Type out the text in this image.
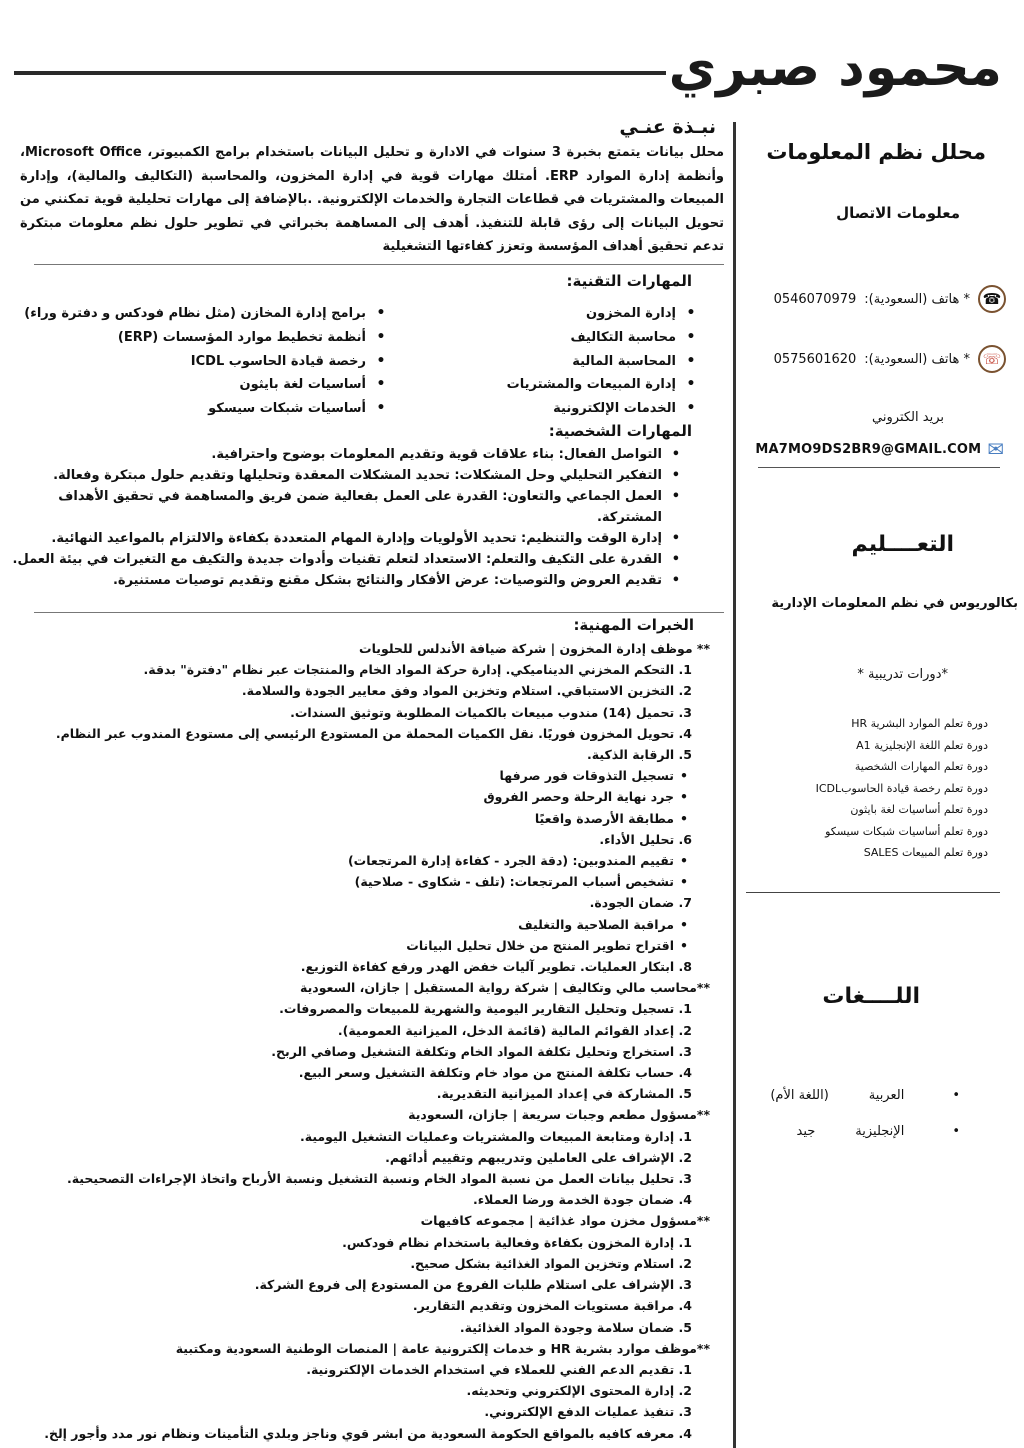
محمود صبري
محلل نظم المعلومات
معلومات الاتصال
☎
* هاتف (السعودية):
0546070979
☏
* هاتف (السعودية):
0575601620
بريد الكتروني
✉
MA7MO9DS2BR9@GMAIL.COM
التعــــليم
بكالوريوس في نظم المعلومات الإدارية
*دورات تدريبية *
دورة تعلم الموارد البشرية HR
دورة تعلم اللغة الإنجليزية A1
دورة تعلم المهارات الشخصية
دورة تعلم رخصة قيادة الحاسوبICDL
دورة تعلم أساسيات لغة بايثون
دورة تعلم أساسيات شبكات سيسكو
دورة تعلم المبيعات SALES
اللــــغات
• العربية
(اللغة الأم)
• الإنجليزية
جيد
نبـذة عنـي
محلل بيانات يتمتع بخبرة 3 سنوات في الادارة و تحليل البيانات باستخدام برامج الكمبيوتر، Microsoft Office، وأنظمة إدارة الموارد ERP. أمتلك مهارات قوية في إدارة المخزون، والمحاسبة (التكاليف والمالية)، وإدارة المبيعات والمشتريات في قطاعات التجارة والخدمات الإلكترونية. .بالإضافة إلى مهارات تحليلية قوية تمكنني من تحويل البيانات إلى رؤى قابلة للتنفيذ. أهدف إلى المساهمة بخبراتي في تطوير حلول نظم معلومات مبتكرة تدعم تحقيق أهداف المؤسسة وتعزز كفاءتها التشغيلية
المهارات التقنية:
• إدارة المخزون
• محاسبة التكاليف
• المحاسبة المالية
• إدارة المبيعات والمشتريات
• الخدمات الإلكترونية
• برامج إدارة المخازن (مثل نظام فودكس و دفترة وراء)
• أنظمة تخطيط موارد المؤسسات (ERP)
• رخصة قيادة الحاسوب ICDL
• أساسيات لغة بايثون
• أساسيات شبكات سيسكو
المهارات الشخصية:
• التواصل الفعال: بناء علاقات قوية وتقديم المعلومات بوضوح واحترافية.
• التفكير التحليلي وحل المشكلات: تحديد المشكلات المعقدة وتحليلها وتقديم حلول مبتكرة وفعالة.
• العمل الجماعي والتعاون: القدرة على العمل بفعالية ضمن فريق والمساهمة في تحقيق الأهداف المشتركة.
• إدارة الوقت والتنظيم: تحديد الأولويات وإدارة المهام المتعددة بكفاءة والالتزام بالمواعيد النهائية.
• القدرة على التكيف والتعلم: الاستعداد لتعلم تقنيات وأدوات جديدة والتكيف مع التغيرات في بيئة العمل.
• تقديم العروض والتوصيات: عرض الأفكار والنتائج بشكل مقنع وتقديم توصيات مستنيرة.
الخبرات المهنية:
** موظف إدارة المخزون | شركة ضيافة الأندلس للحلويات
1. التحكم المخزني الديناميكي. إدارة حركة المواد الخام والمنتجات عبر نظام "دفترة" بدقة.
2. التخزين الاستباقي. استلام وتخزين المواد وفق معايير الجودة والسلامة.
3. تحميل (14) مندوب مبيعات بالكميات المطلوبة وتوثيق السندات.
4. تحويل المخزون فوريًا. نقل الكميات المحملة من المستودع الرئيسي إلى مستودع المندوب عبر النظام.
5. الرقابة الذكية.
• تسجيل التذوقات فور صرفها
• جرد نهاية الرحلة وحصر الفروق
• مطابقة الأرصدة واقعيًا
6. تحليل الأداء.
• تقييم المندوبين: (دقة الجرد - كفاءة إدارة المرتجعات)
• تشخيص أسباب المرتجعات: (تلف - شكاوى - صلاحية)
7. ضمان الجودة.
• مراقبة الصلاحية والتغليف
• اقتراح تطوير المنتج من خلال تحليل البيانات
8. ابتكار العمليات. تطوير آليات خفض الهدر ورفع كفاءة التوزيع.
**محاسب مالي وتكاليف | شركة رواية المستقبل | جازان، السعودية
1. تسجيل وتحليل التقارير اليومية والشهرية للمبيعات والمصروفات.
2. إعداد القوائم المالية (قائمة الدخل، الميزانية العمومية).
3. استخراج وتحليل تكلفة المواد الخام وتكلفة التشغيل وصافي الربح.
4. حساب تكلفة المنتج من مواد خام وتكلفة التشغيل وسعر البيع.
5. المشاركة في إعداد الميزانية التقديرية.
**مسؤول مطعم وجبات سريعة | جازان، السعودية
1. إدارة ومتابعة المبيعات والمشتريات وعمليات التشغيل اليومية.
2. الإشراف على العاملين وتدريبهم وتقييم أدائهم.
3. تحليل بيانات العمل من نسبة المواد الخام ونسبة التشغيل ونسبة الأرباح واتخاذ الإجراءات التصحيحية.
4. ضمان جودة الخدمة ورضا العملاء.
**مسؤول مخزن مواد غذائية | مجموعه كافيهات
1. إدارة المخزون بكفاءة وفعالية باستخدام نظام فودكس.
2. استلام وتخزين المواد الغذائية بشكل صحيح.
3. الإشراف على استلام طلبات الفروع من المستودع إلى فروع الشركة.
4. مراقبة مستويات المخزون وتقديم التقارير.
5. ضمان سلامة وجودة المواد الغذائية.
**موظف موارد بشرية HR و خدمات إلكترونية عامة | المنصات الوطنية السعودية ومكتبية
1. تقديم الدعم الفني للعملاء في استخدام الخدمات الإلكترونية.
2. إدارة المحتوى الإلكتروني وتحديثه.
3. تنفيذ عمليات الدفع الإلكتروني.
4. معرفه كافيه بالمواقع الحكومة السعودية من ابشر قوي وناجز وبلدي التأمينات ونظام نور مدد وأجور إلخ.
